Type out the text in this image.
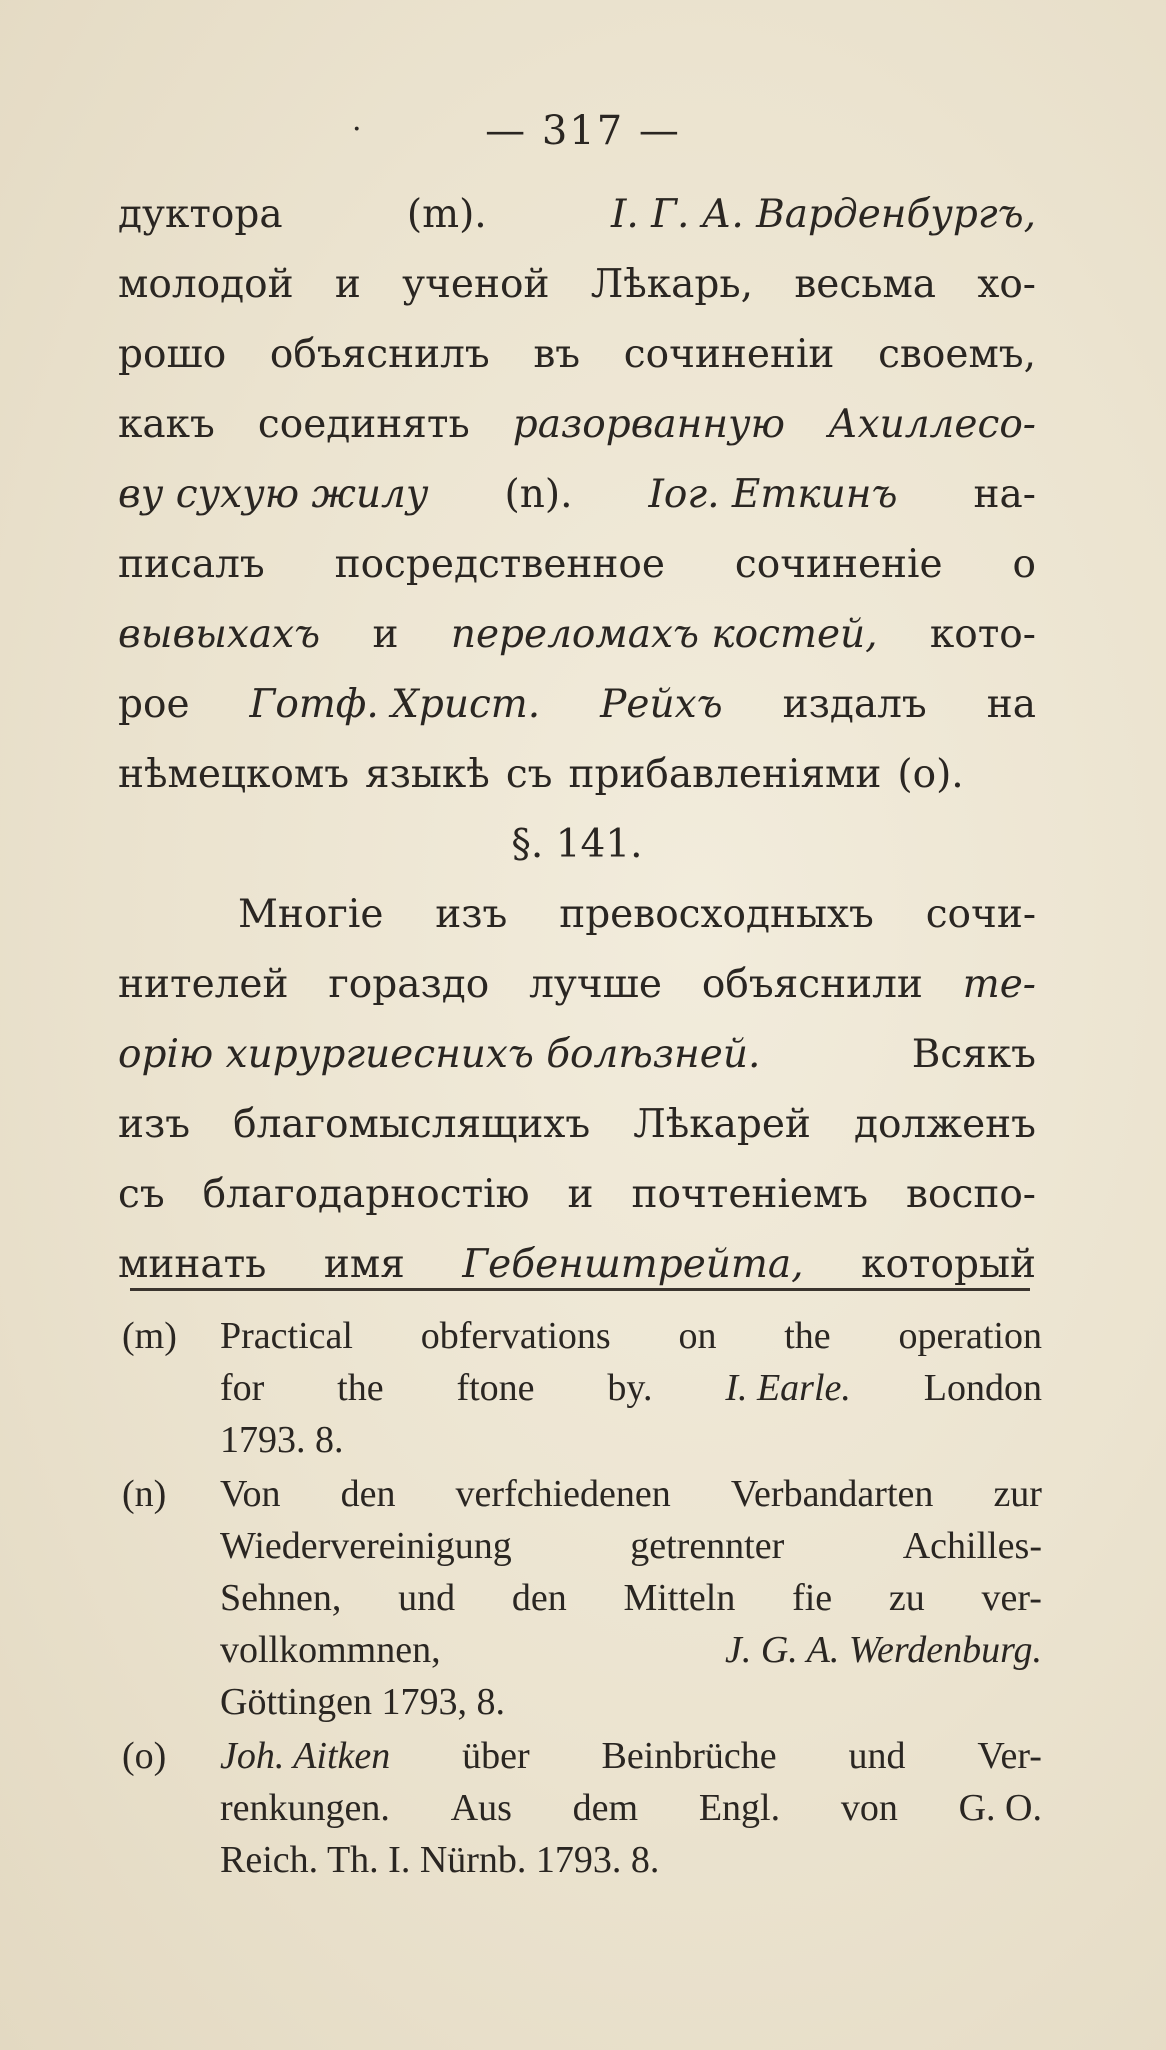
·	— 317 —
дуктора	(m).	I. Г. А. Варденбургъ,
молодой и ученой Лѣкарь, весьма хо-
рошо объяснилъ въ сочиненіи своемъ,
какъ соединять разорванную Ахиллесо-
ву сухую жилу (n). Іог. Еткинъ на-
писалъ посредственное сочиненіе о
вывыхахъ и переломахъ костей, кото-
рое Готф. Христ. Рейхъ издалъ на
нѣмецкомъ языкѣ съ прибавленіями (о).
§. 141.
Многіе изъ превосходныхъ сочи-
нителей гораздо лучше объяснили те-
орію хирургиеснихъ болѣзней.	Всякъ
изъ благомыслящихъ Лѣкарей долженъ
съ благодарностію и почтеніемъ воспо-
минать имя Гебенштрейта, который
(m) Practical obfervations on the operation
for the ftone by. I. Earle. London
1793. 8.
(n) Von den verfchiedenen Verbandarten zur
Wiedervereinigung	getrennter	Achilles-
Sehnen, und den Mitteln fie zu ver-
vollkommnen,	J. G. A. Werdenburg.
Göttingen 1793, 8.
(o) Joh. Aitken über Beinbrüche und Ver-
renkungen. Aus dem Engl. von G. O.
Reich. Th. I. Nürnb. 1793. 8.
